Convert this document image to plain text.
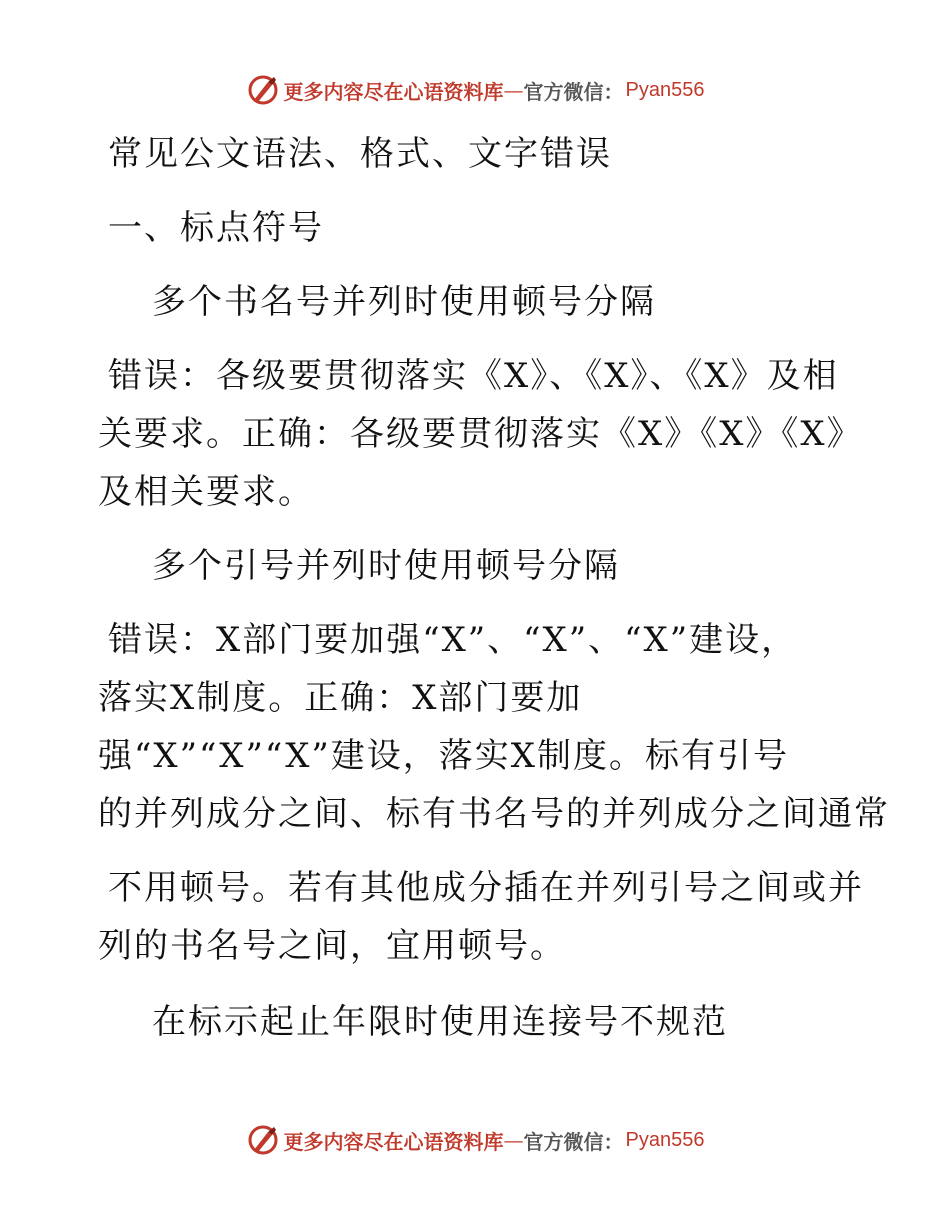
更多内容尽在心语资料库 — 官方微信： Pyan556
常见公文语法、格式、文字错误
一、标点符号
多个书名号并列时使用顿号分隔
错误：各级要贯彻落实《X》、《X》、《X》及相
关要求。正确：各级要贯彻落实《X》《X》《X》
及相关要求。
多个引号并列时使用顿号分隔
错误：X部门要加强“X”、“X”、“X”建设，
落实X制度。正确：X部门要加
强“X”“X”“X”建设，落实X制度。标有引号
的并列成分之间、标有书名号的并列成分之间通常
不用顿号。若有其他成分插在并列引号之间或并
列的书名号之间，宜用顿号。
在标示起止年限时使用连接号不规范
更多内容尽在心语资料库 — 官方微信： Pyan556
